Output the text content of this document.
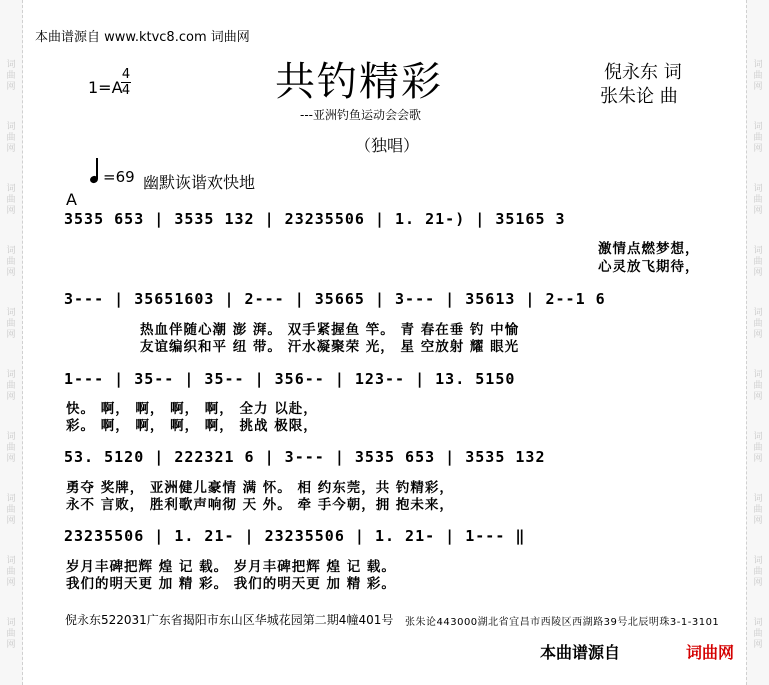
词
曲
网
词
曲
网
词
曲
网
词
曲
网
词
曲
网
词
曲
网
词
曲
网
词
曲
网
词
曲
网
词
曲
网
词
曲
网
词
曲
网
词
曲
网
词
曲
网
词
曲
网
词
曲
网
词
曲
网
词
曲
网
词
曲
网
词
曲
网
本曲谱源自 www.ktvc8.com 词曲网
共钓精彩
---亚洲钓鱼运动会会歌
（独唱）
倪永东 词
张朱论 曲
1=A
4
4
=69 幽默诙谐欢快地
A
3535 653 | 3535 132 | 23235506 | 1. 21-) | 35165 3
激情点燃梦想，
心灵放飞期待，
3--- | 35651603 | 2--- | 35665 | 3--- | 35613 | 2--1 6
热血伴随心潮 澎 湃。 双手紧握鱼 竿。 青 春在垂 钓 中愉
友谊编织和平 纽 带。 汗水凝聚荣 光， 星 空放射 耀 眼光
1--- | 35-- | 35-- | 356-- | 123-- | 13. 5150
快。 啊， 啊， 啊， 啊， 全力 以赴，
彩。 啊， 啊， 啊， 啊， 挑战 极限，
53. 5120 | 222321 6 | 3--- | 3535 653 | 3535 132
勇夺 奖牌， 亚洲健儿豪情 满 怀。 相 约东莞，共 钓精彩，
永不 言败， 胜利歌声响彻 天 外。 牵 手今朝，拥 抱未来，
23235506 | 1. 21- | 23235506 | 1. 21- | 1--- ‖
岁月丰碑把辉 煌 记 载。 岁月丰碑把辉 煌 记 载。
我们的明天更 加 精 彩。 我们的明天更 加 精 彩。
倪永东522031广东省揭阳市东山区华城花园第二期4幢401号 张朱论443000湖北省宜昌市西陵区西湖路39号北辰明珠3-1-3101
本曲谱源自	词曲网
